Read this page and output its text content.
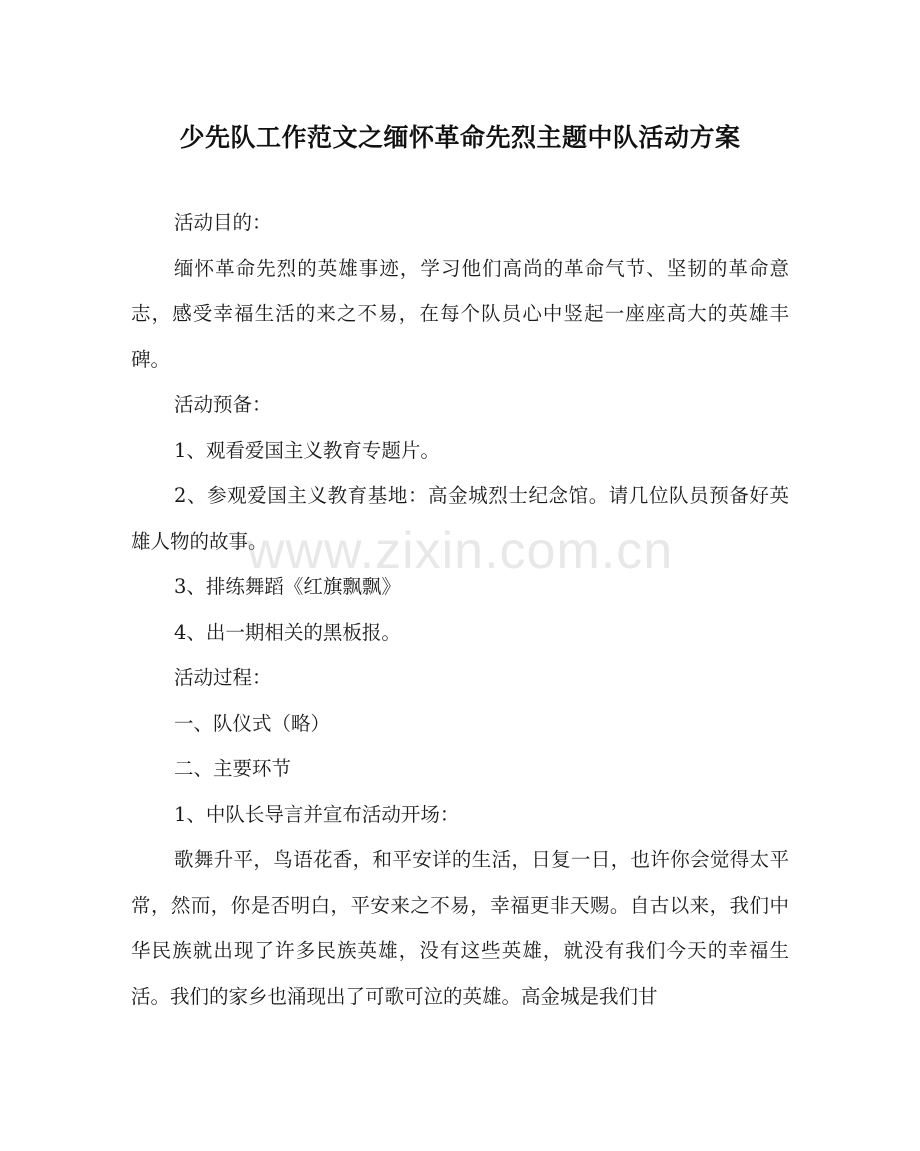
少先队工作范文之缅怀革命先烈主题中队活动方案

活动目的：

缅怀革命先烈的英雄事迹，学习他们高尚的革命气节、坚韧的革命意志，感受幸福生活的来之不易，在每个队员心中竖起一座座高大的英雄丰碑。

活动预备：

1、观看爱国主义教育专题片。

2、参观爱国主义教育基地：高金城烈士纪念馆。请几位队员预备好英雄人物的故事。

3、排练舞蹈《红旗飘飘》

4、出一期相关的黑板报。

活动过程：

一、队仪式（略）

二、主要环节

1、中队长导言并宣布活动开场：

歌舞升平，鸟语花香，和平安详的生活，日复一日，也许你会觉得太平常，然而，你是否明白，平安来之不易，幸福更非天赐。自古以来，我们中华民族就出现了许多民族英雄，没有这些英雄，就没有我们今天的幸福生活。我们的家乡也涌现出了可歌可泣的英雄。高金城是我们甘

www.zixin.com.cn
